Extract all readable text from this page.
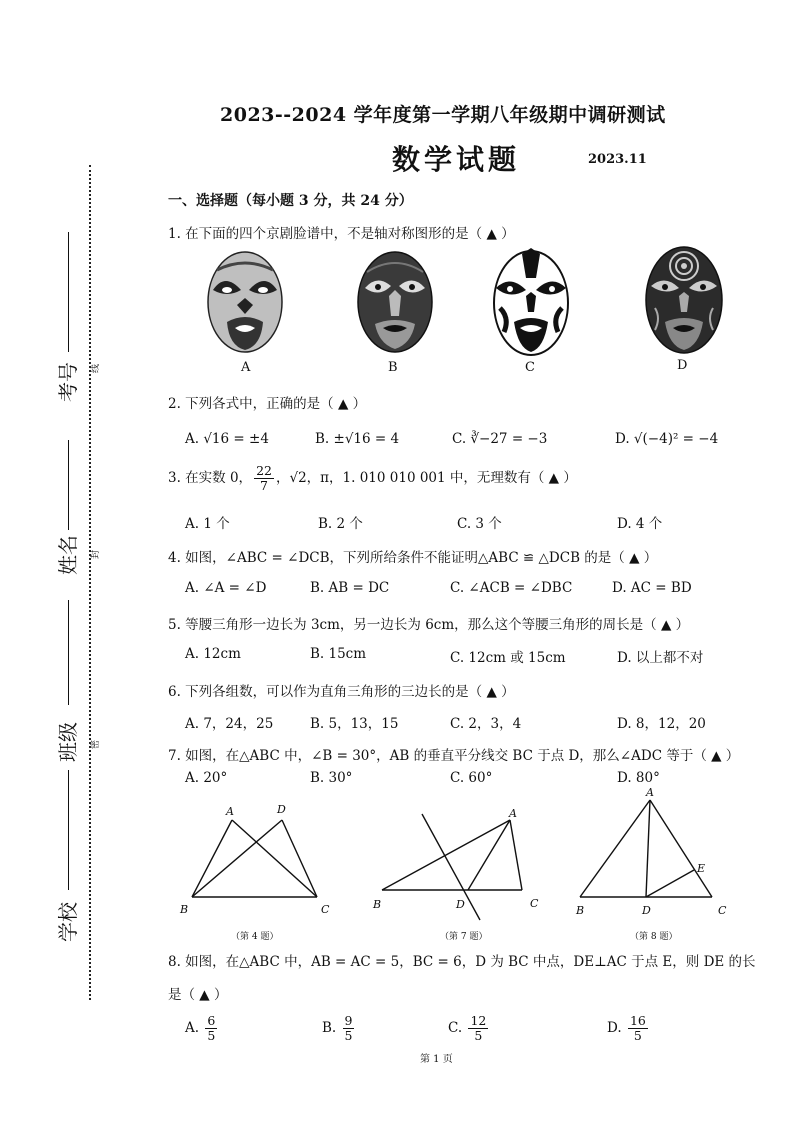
2023--2024 学年度第一学期八年级期中调研测试
数学试题	2023.11
考号
姓名
班级
学校
线
封
密
一、选择题（每小题 3 分，共 24 分）
1. 在下面的四个京剧脸谱中，不是轴对称图形的是（ ▲ ）
A	B	C	D
2. 下列各式中，正确的是（ ▲ ）
A. √16 = ±4	B. ±√16 = 4	C. ∛−27 = −3	D. √(−4)² = −4
3. 在实数 0， $\frac{22}{7}$ ，√2，π，1. 010 010 001 中，无理数有（ ▲ ）
A. 1 个	B. 2 个	C. 3 个	D. 4 个
4. 如图，∠ABC = ∠DCB，下列所给条件不能证明△ABC ≌ △DCB 的是（ ▲ ）
A. ∠A = ∠D	B. AB = DC	C. ∠ACB = ∠DBC	D. AC = BD
5. 等腰三角形一边长为 3cm，另一边长为 6cm，那么这个等腰三角形的周长是（ ▲ ）
A. 12cm	B. 15cm	C. 12cm 或 15cm	D. 以上都不对
6. 下列各组数，可以作为直角三角形的三边长的是（ ▲ ）
A. 7，24，25	B. 5，13，15	C. 2，3，4	D. 8，12，20
7. 如图，在△ABC 中，∠B = 30°，AB 的垂直平分线交 BC 于点 D，那么∠ADC 等于（ ▲ ）
A. 20°	B. 30°	C. 60°	D. 80°
A	D
B	C
（第 4 题）
A
B	D	C
（第 7 题）
A
E
B	D	C
（第 8 题）
8. 如图，在△ABC 中，AB = AC = 5，BC = 6，D 为 BC 中点，DE⊥AC 于点 E，则 DE 的长
是（ ▲ ）
A. $\frac{6}{5}$	B. $\frac{9}{5}$	C. $\frac{12}{5}$	D. $\frac{16}{5}$
第 1 页
